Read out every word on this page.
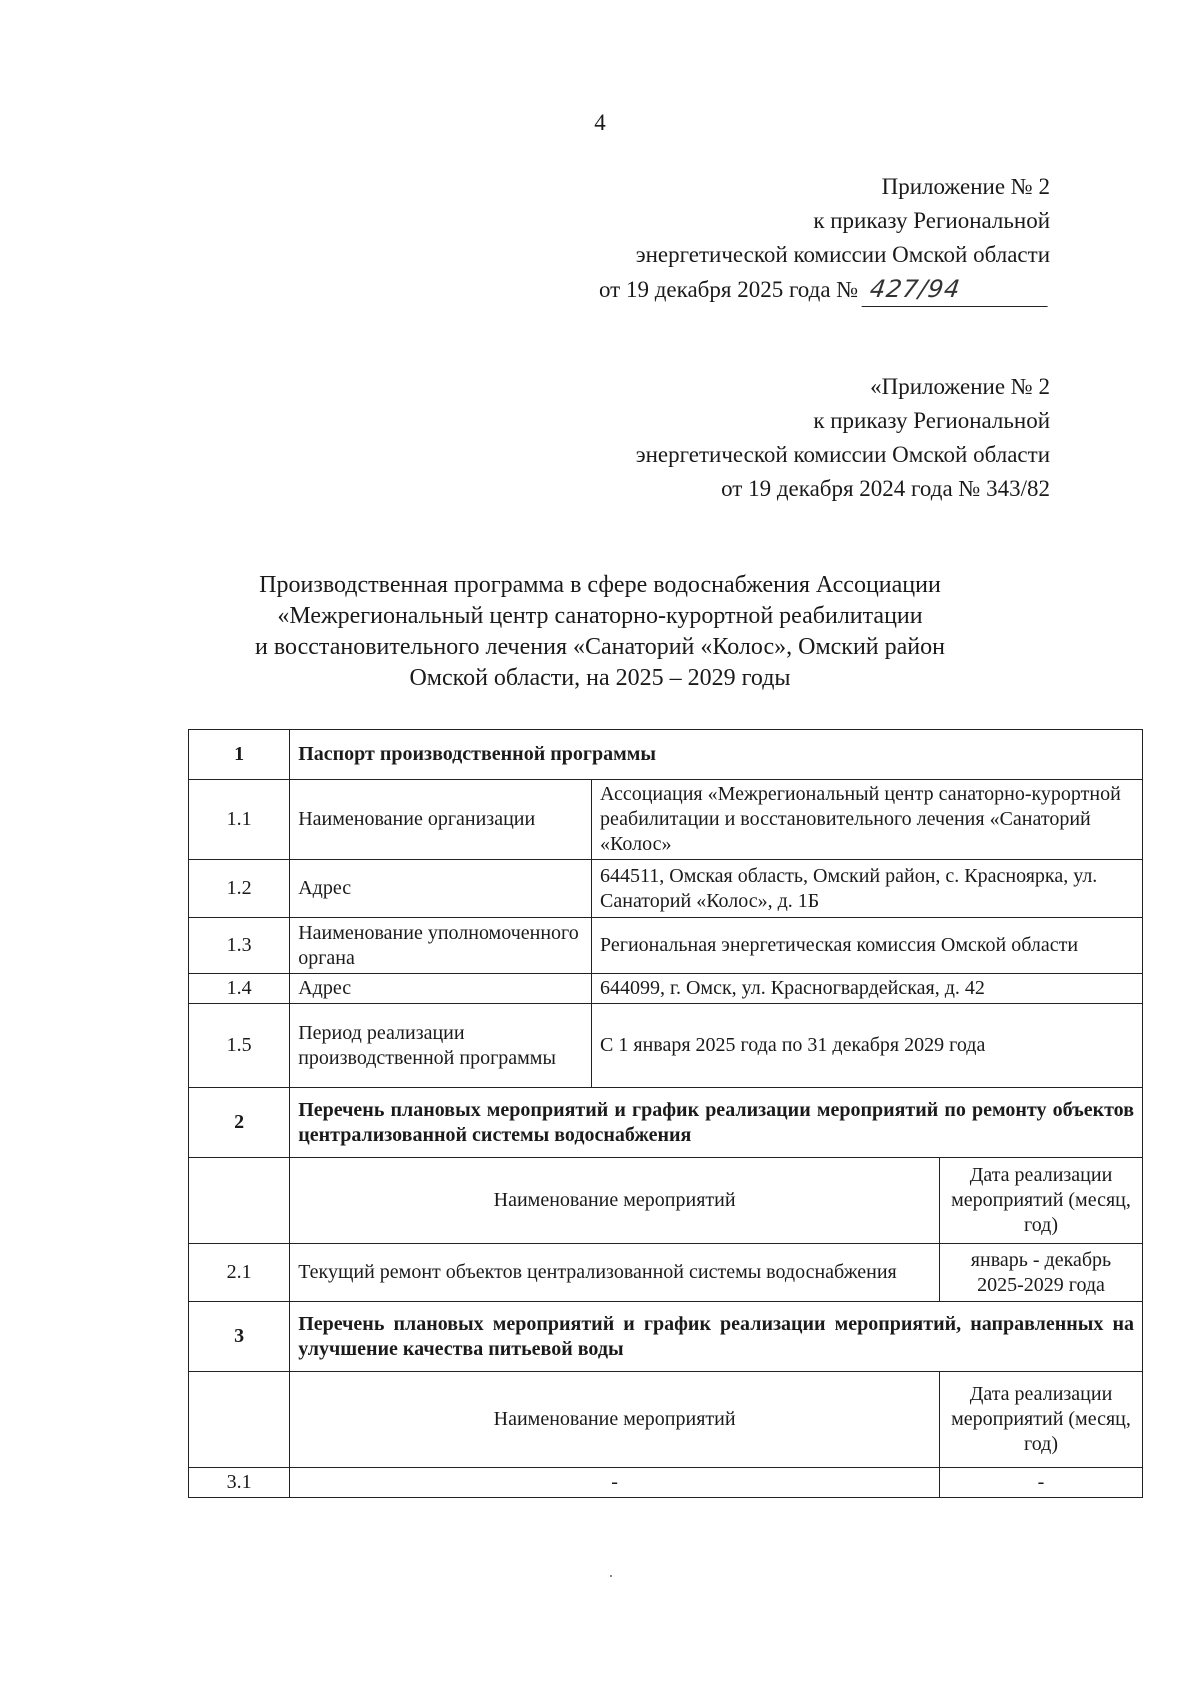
4
Приложение № 2
к приказу Региональной
энергетической комиссии Омской области
от 19 декабря 2025 года № 427/94
«Приложение № 2
к приказу Региональной
энергетической комиссии Омской области
от 19 декабря 2024 года № 343/82
Производственная программа в сфере водоснабжения Ассоциации
«Межрегиональный центр санаторно-курортной реабилитации
и восстановительного лечения «Санаторий «Колос», Омский район
Омской области, на 2025 – 2029 годы
1	Паспорт производственной программы		
1.1	Наименование организации	Ассоциация «Межрегиональный центр санаторно-курортной реабилитации и восстановительного лечения «Санаторий «Колос»	
1.2	Адрес	644511, Омская область, Омский район, с. Красноярка, ул. Санаторий «Колос», д. 1Б	
1.3	Наименование уполномоченного органа	Региональная энергетическая комиссия Омской области	
1.4	Адрес	644099, г. Омск, ул. Красногвардейская, д. 42	
1.5	Период реализации производственной программы	С 1 января 2025 года по 31 декабря 2029 года	
2	Перечень плановых мероприятий и график реализации мероприятий по ремонту объектов централизованной системы водоснабжения		
	Наименование мероприятий		Дата реализации мероприятий (месяц, год)
2.1	Текущий ремонт объектов централизованной системы водоснабжения		январь - декабрь 2025-2029 года
3	Перечень плановых мероприятий и график реализации мероприятий, направленных на улучшение качества питьевой воды		
	Наименование мероприятий		Дата реализации мероприятий (месяц, год)
3.1	-		-
